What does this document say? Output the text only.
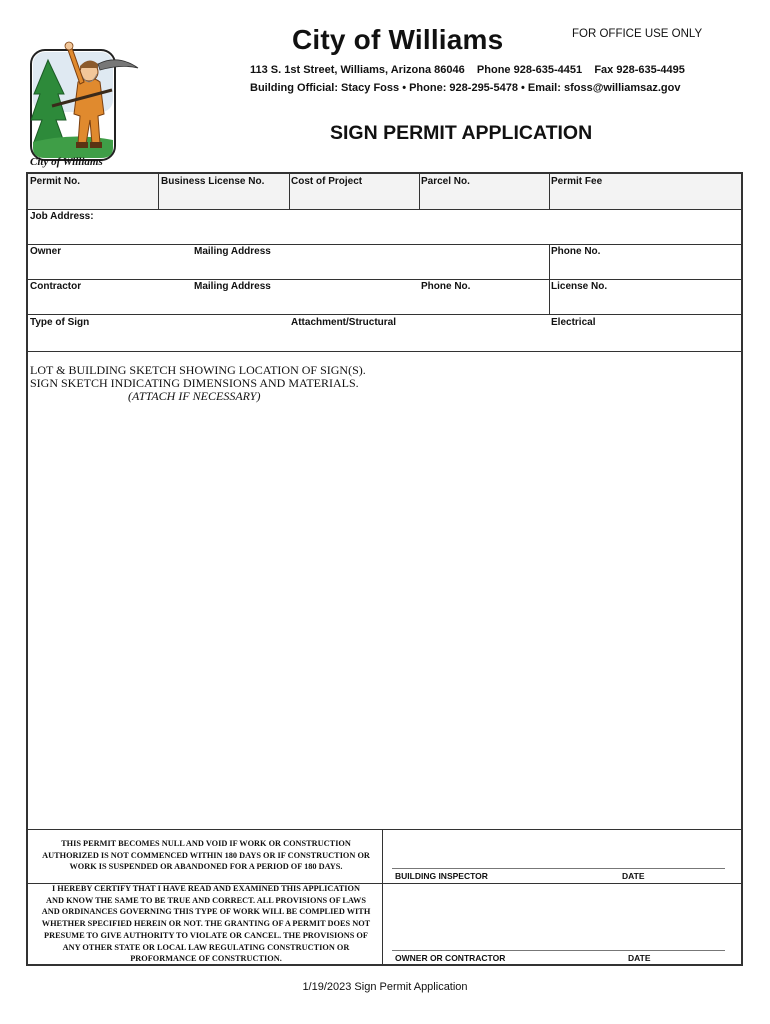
City of Williams
City of Williams	FOR OFFICE USE ONLY
113 S. 1st Street, Williams, Arizona 86046    Phone 928-635-4451    Fax 928-635-4495
Building Official: Stacy Foss • Phone: 928-295-5478 • Email: sfoss@williamsaz.gov
SIGN PERMIT APPLICATION
Permit No.	Business License No.	Cost of Project	Parcel No.	Permit Fee
Job Address:
Owner	Mailing Address	Phone No.
Contractor	Mailing Address	Phone No.	License No.
Type of Sign	Attachment/Structural	Electrical
LOT & BUILDING SKETCH SHOWING LOCATION OF SIGN(S).
SIGN SKETCH INDICATING DIMENSIONS AND MATERIALS.
(ATTACH IF NECESSARY)
THIS PERMIT BECOMES NULL AND VOID IF WORK OR CONSTRUCTION
AUTHORIZED IS NOT COMMENCED WITHIN 180 DAYS OR IF CONSTRUCTION OR
WORK IS SUSPENDED OR ABANDONED FOR A PERIOD OF 180 DAYS.
I HEREBY CERTIFY THAT I HAVE READ AND EXAMINED THIS APPLICATION
AND KNOW THE SAME TO BE TRUE AND CORRECT. ALL PROVISIONS OF LAWS
AND ORDINANCES GOVERNING THIS TYPE OF WORK WILL BE COMPLIED WITH
WHETHER SPECIFIED HEREIN OR NOT. THE GRANTING OF A PERMIT DOES NOT
PRESUME TO GIVE AUTHORITY TO VIOLATE OR CANCEL. THE PROVISIONS OF
ANY OTHER STATE OR LOCAL LAW REGULATING CONSTRUCTION OR
PROFORMANCE OF CONSTRUCTION.
BUILDING INSPECTOR	DATE
OWNER OR CONTRACTOR	DATE
1/19/2023 Sign Permit Application
